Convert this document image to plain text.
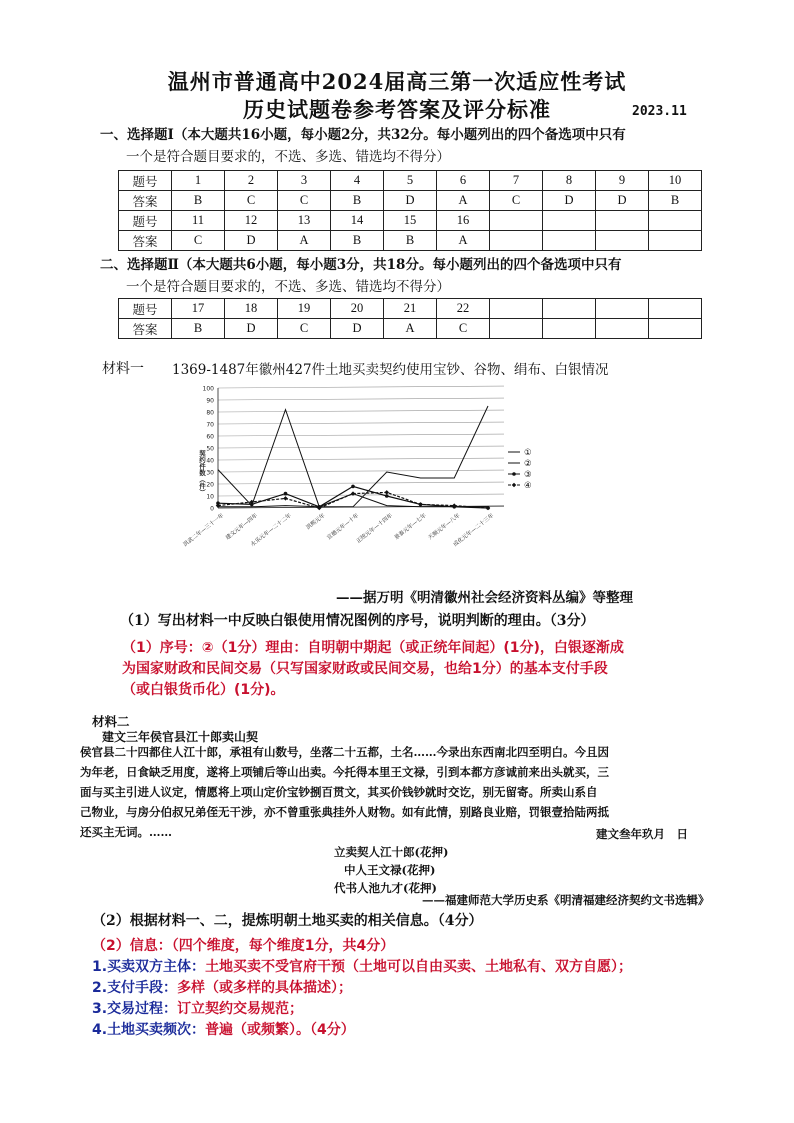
温州市普通高中2024届高三第一次适应性考试
历史试题卷参考答案及评分标准	2023.11
一、选择题Ⅰ（本大题共16小题，每小题2分，共32分。每小题列出的四个备选项中只有
一个是符合题目要求的，不选、多选、错选均不得分）
题号	1	2	3	4	5	6	7	8	9	10
答案	B	C	C	B	D	A	C	D	D	B
题号	11	12	13	14	15	16				
答案	C	D	A	B	B	A				
二、选择题Ⅱ（本大题共6小题，每小题3分，共18分。每小题列出的四个备选项中只有
一个是符合题目要求的，不选、多选、错选均不得分）
题号	17	18	19	20	21	22				
答案	B	D	C	D	A	C				
材料一 1369-1487年徽州427件土地买卖契约使用宝钞、谷物、绢布、白银情况
0
10
20
30
40
50
60
70
80
90
100
契约件数（件）
洪武二年—三十一年 建文元年—四年
永乐元年—二十二年 洪熙元年 宣德元年—十年
正统元年—十四年 景泰元年—七年 天顺元年—八年
成化元年—二十三年
①
②
③
④
——据万明《明清徽州社会经济资料丛编》等整理
（1）写出材料一中反映白银使用情况图例的序号，说明判断的理由。（3分）
（1）序号：②（1分）理由：自明朝中期起（或正统年间起）(1分)，白银逐渐成
为国家财政和民间交易（只写国家财政或民间交易，也给1分）的基本支付手段
（或白银货币化）(1分)。
材料二
建文三年侯官县江十郎卖山契
侯官县二十四都住人江十郎，承祖有山数号，坐落二十五都，土名……今录出东西南北四至明白。今且因
为年老，日食缺乏用度，遂将上项铺后等山出卖。今托得本里王文禄，引到本都方彦诚前来出头就买，三
面与买主引进人议定，情愿将上项山定价宝钞捌百贯文，其买价钱钞就时交讫，别无留寄。所卖山系自
己物业，与房分伯叔兄弟侄无干涉，亦不曾重张典挂外人财物。如有此情，别路良业赔，罚银壹拾陆两抵
还买主无词。……	建文叁年玖月　日
立卖契人江十郎(花押)
中人王文禄(花押)
代书人池九才(花押)
——福建师范大学历史系《明清福建经济契约文书选辑》
（2）根据材料一、二，提炼明朝土地买卖的相关信息。（4分）
（2）信息：（四个维度，每个维度1分，共4分）
1.买卖双方主体：土地买卖不受官府干预（土地可以自由买卖、土地私有、双方自愿）；
2.支付手段：多样（或多样的具体描述）；
3.交易过程：订立契约交易规范；
4.土地买卖频次：普遍（或频繁）。（4分）
